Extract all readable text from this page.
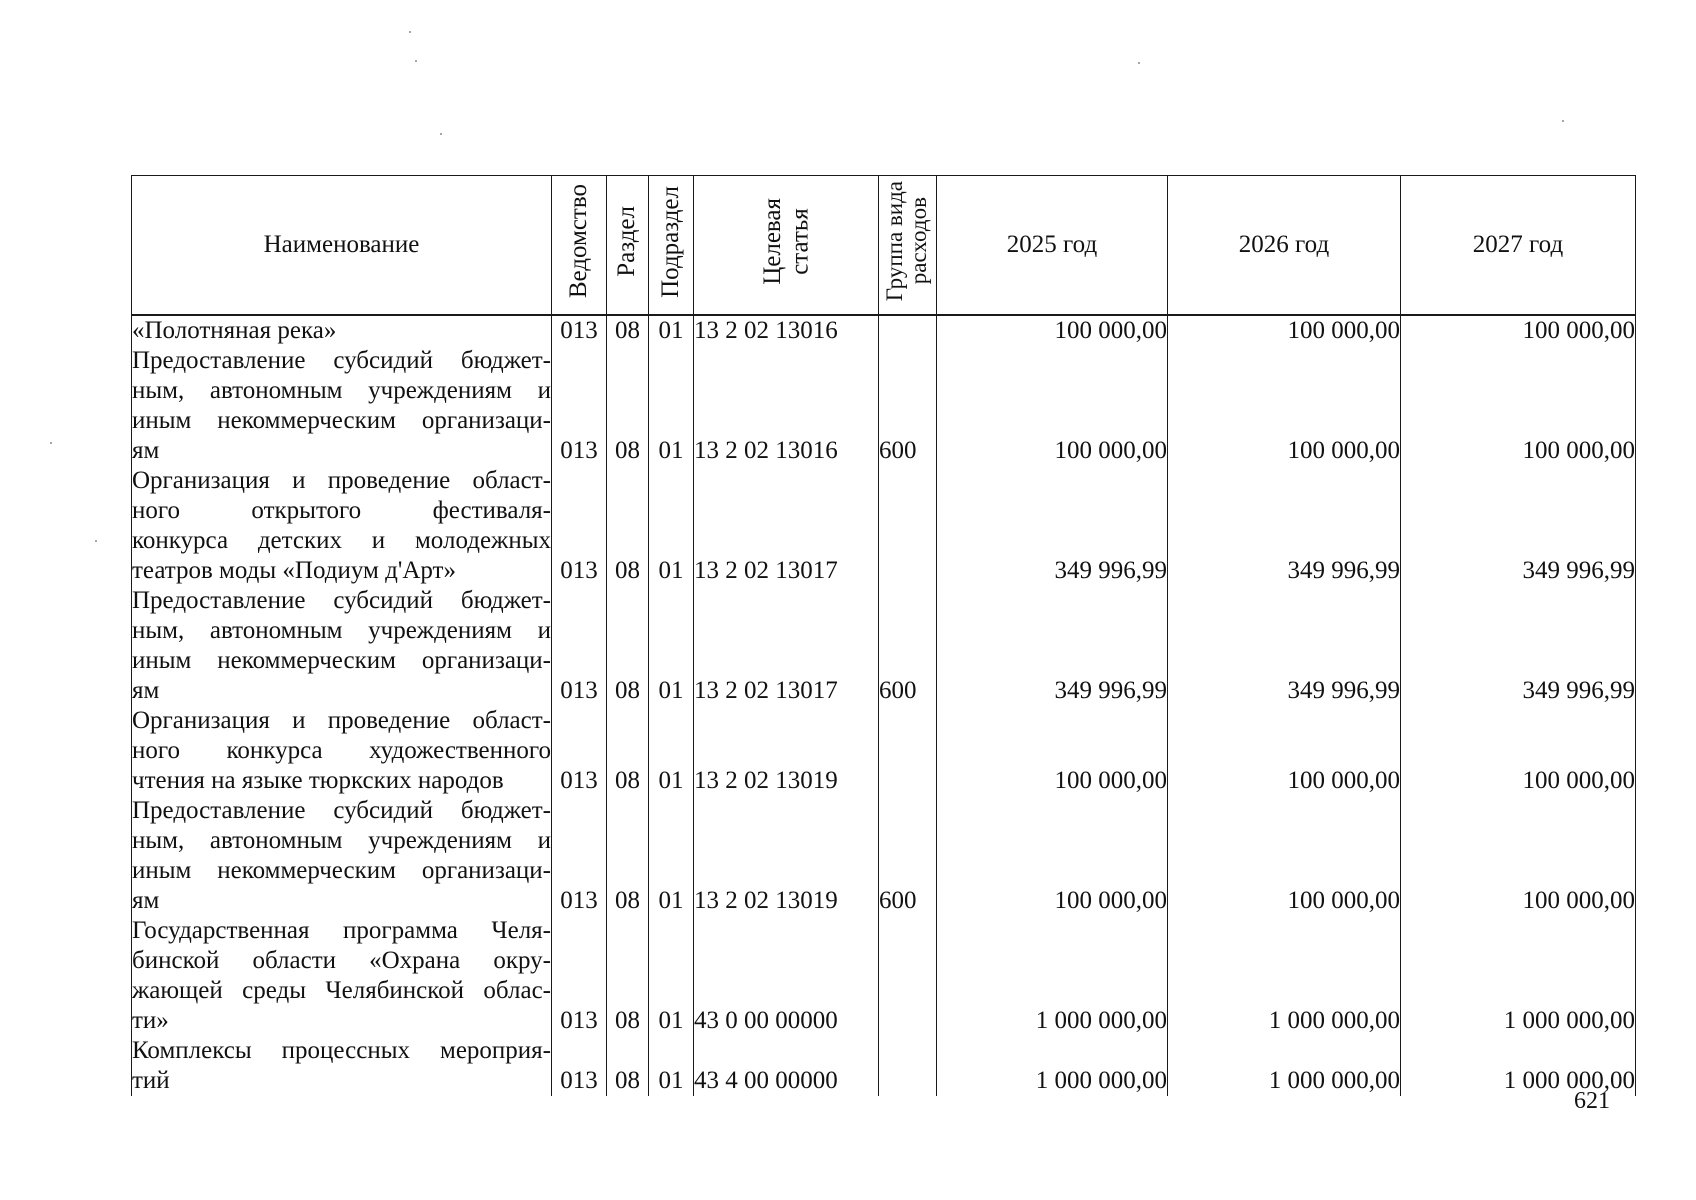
Наименование	Ведомство	Раздел	Подраздел	Целевая
статья	Группа вида
расходов	2025 год	2026 год	2027 год

«Полотняная река»	013	08	01	13 2 02 13016		100 000,00	100 000,00	100 000,00

Предоставление субсидий бюджет-
ным, автономным учреждениям и
иным некоммерческим организаци-
ям	013	08	01	13 2 02 13016	600	100 000,00	100 000,00	100 000,00

Организация и проведение област-
ного открытого фестиваля-
конкурса детских и молодежных
театров моды «Подиум д'Арт»	013	08	01	13 2 02 13017		349 996,99	349 996,99	349 996,99

Предоставление субсидий бюджет-
ным, автономным учреждениям и
иным некоммерческим организаци-
ям	013	08	01	13 2 02 13017	600	349 996,99	349 996,99	349 996,99

Организация и проведение област-
ного конкурса художественного
чтения на языке тюркских народов	013	08	01	13 2 02 13019		100 000,00	100 000,00	100 000,00

Предоставление субсидий бюджет-
ным, автономным учреждениям и
иным некоммерческим организаци-
ям	013	08	01	13 2 02 13019	600	100 000,00	100 000,00	100 000,00

Государственная программа Челя-
бинской области «Охрана окру-
жающей среды Челябинской облас-
ти»	013	08	01	43 0 00 00000		1 000 000,00	1 000 000,00	1 000 000,00

Комплексы процессных мероприя-
тий	013	08	01	43 4 00 00000		1 000 000,00	1 000 000,00	1 000 000,00
621
